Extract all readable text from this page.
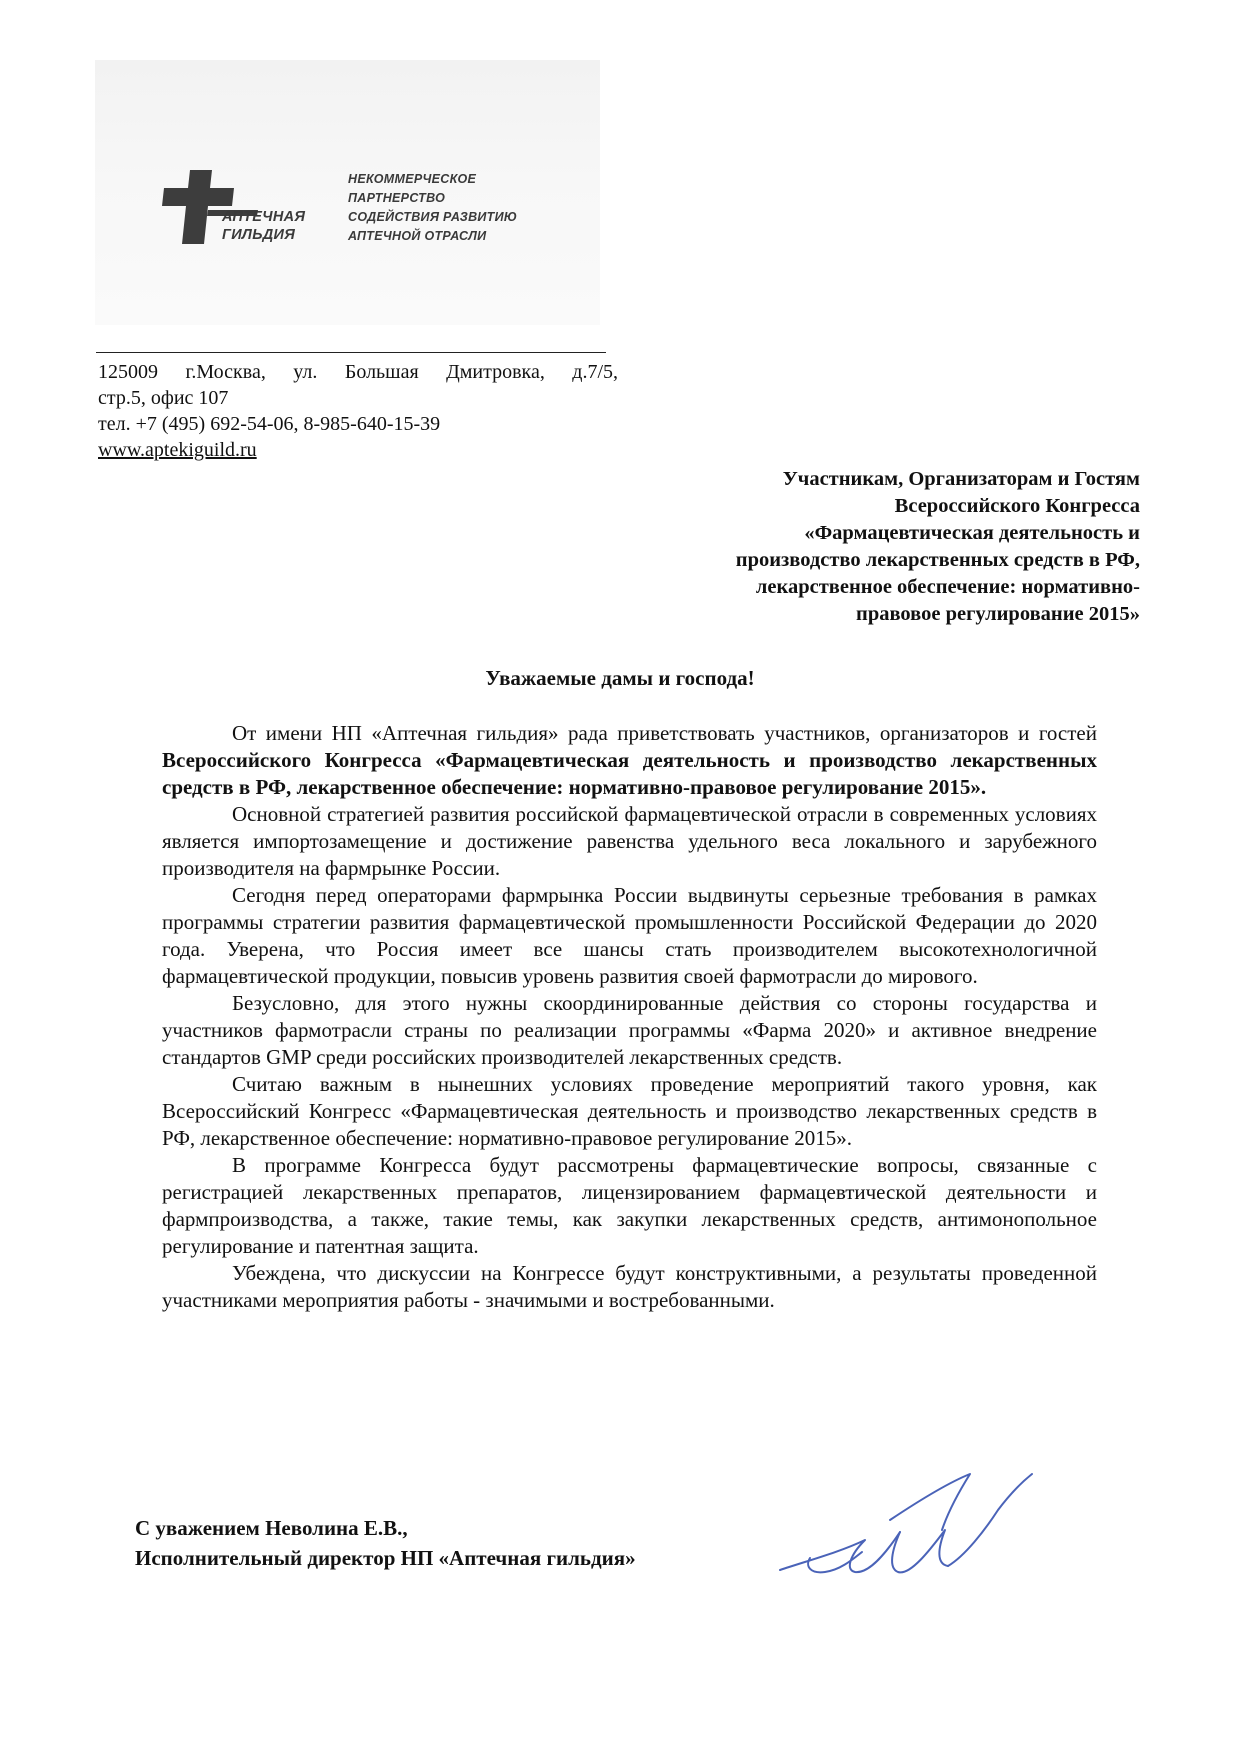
АПТЕЧНАЯ
ГИЛЬДИЯ
НЕКОММЕРЧЕСКОЕ
ПАРТНЕРСТВО
СОДЕЙСТВИЯ РАЗВИТИЮ
АПТЕЧНОЙ ОТРАСЛИ
125009 г.Москва, ул. Большая Дмитровка, д.7/5,
стр.5, офис 107
тел. +7 (495) 692-54-06, 8-985-640-15-39
www.aptekiguild.ru
Участникам, Организаторам и Гостям
Всероссийского Конгресса
«Фармацевтическая деятельность и
производство лекарственных средств в РФ,
лекарственное обеспечение: нормативно-
правовое регулирование 2015»
Уважаемые дамы и господа!

От имени НП «Аптечная гильдия» рада приветствовать участников, организаторов и гостей Всероссийского Конгресса «Фармацевтическая деятельность и производство лекарственных средств в РФ, лекарственное обеспечение: нормативно-правовое регулирование 2015».

Основной стратегией развития российской фармацевтической отрасли в современных условиях является импортозамещение и достижение равенства удельного веса локального и зарубежного производителя на фармрынке России.

Сегодня перед операторами фармрынка России выдвинуты серьезные требования в рамках программы стратегии развития фармацевтической промышленности Российской Федерации до 2020 года. Уверена, что Россия имеет все шансы стать производителем высокотехнологичной фармацевтической продукции, повысив уровень развития своей фармотрасли до мирового.

Безусловно, для этого нужны скоординированные действия со стороны государства и участников фармотрасли страны по реализации программы «Фарма 2020» и активное внедрение стандартов GMP среди российских производителей лекарственных средств.

Считаю важным в нынешних условиях проведение мероприятий такого уровня, как Всероссийский Конгресс «Фармацевтическая деятельность и производство лекарственных средств в РФ, лекарственное обеспечение: нормативно-правовое регулирование 2015».

В программе Конгресса будут рассмотрены фармацевтические вопросы, связанные с регистрацией лекарственных препаратов, лицензированием фармацевтической деятельности и фармпроизводства, а также, такие темы, как закупки лекарственных средств, антимонопольное регулирование и патентная защита.

Убеждена, что дискуссии на Конгрессе будут конструктивными, а результаты проведенной участниками мероприятия работы - значимыми и востребованными.

С уважением Неволина Е.В.,
Исполнительный директор НП «Аптечная гильдия»
